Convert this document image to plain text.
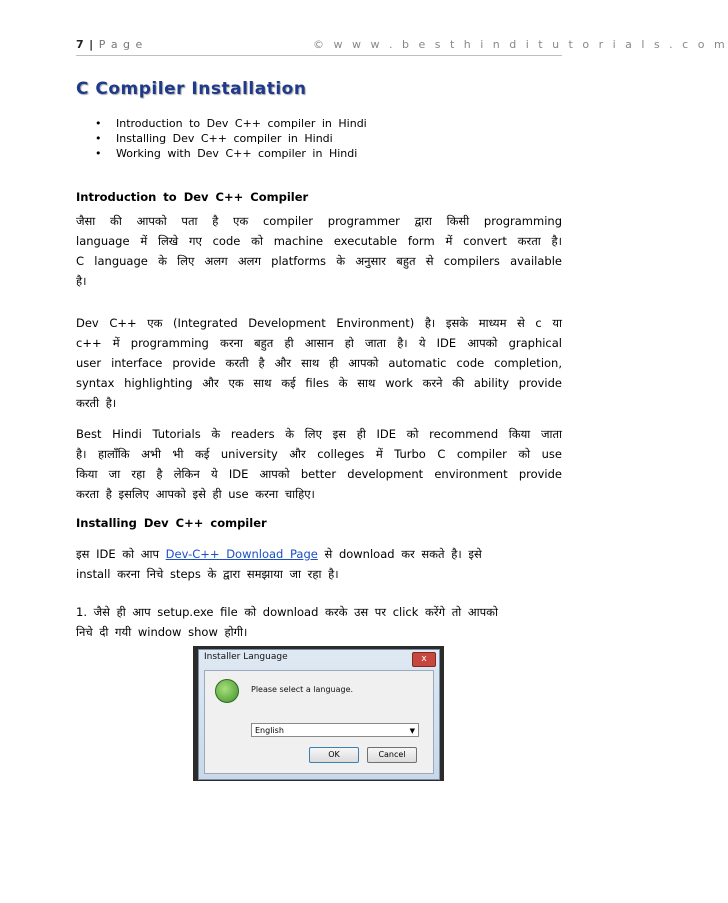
7 | P a g e	© w w w . b e s t h i n d i t u t o r i a l s . c o m
C Compiler Installation
• Introduction to Dev C++ compiler in Hindi
• Installing Dev C++ compiler in Hindi
• Working with Dev C++ compiler in Hindi
Introduction to Dev C++ Compiler
जैसा की आपको पता है एक compiler programmer द्वारा किसी programming
language में लिखे गए code को machine executable form में convert करता है।
C language के लिए अलग अलग platforms के अनुसार बहुत से compilers available
है।
Dev C++ एक (Integrated Development Environment) है। इसके माध्यम से c या
c++ में programming करना बहुत ही आसान हो जाता है। ये IDE आपको graphical
user interface provide करती है और साथ ही आपको automatic code completion,
syntax highlighting और एक साथ कई files के साथ work करने की ability provide
करती है।
Best Hindi Tutorials के readers के लिए इस ही IDE को recommend किया जाता
है। हालाँकि अभी भी कई university और colleges में Turbo C compiler को use
किया जा रहा है लेकिन ये IDE आपको better development environment provide
करता है इसलिए आपको इसे ही use करना चाहिए।
Installing Dev C++ compiler
इस IDE को आप Dev-C++ Download Page से download कर सकते है। इसे
install करना निचे steps के द्वारा समझाया जा रहा है।
1. जैसे ही आप setup.exe file को download करके उस पर click करेंगे तो आपको
निचे दी गयी window show होगी।
Installer Language	x
Please select a language.
English	▼
OK	Cancel
